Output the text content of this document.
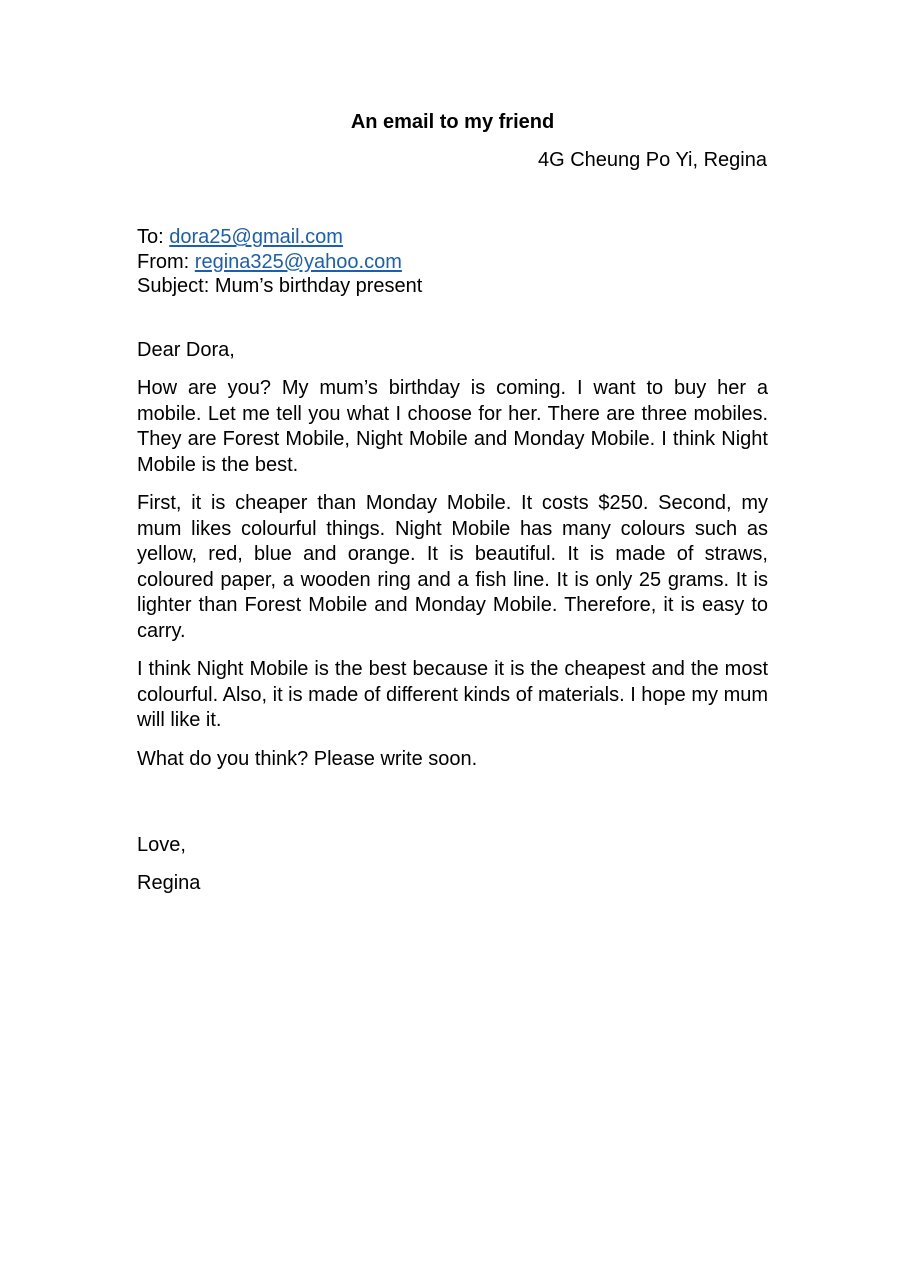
An email to my friend
4G Cheung Po Yi, Regina
To: dora25@gmail.com
From: regina325@yahoo.com
Subject: Mum’s birthday present
Dear Dora,

How are you? My mum’s birthday is coming. I want to buy her a mobile. Let me tell you what I choose for her. There are three mobiles. They are Forest Mobile, Night Mobile and Monday Mobile. I think Night Mobile is the best.

First, it is cheaper than Monday Mobile. It costs $250. Second, my mum likes colourful things. Night Mobile has many colours such as yellow, red, blue and orange. It is beautiful. It is made of straws, coloured paper, a wooden ring and a fish line. It is only 25 grams. It is lighter than Forest Mobile and Monday Mobile. Therefore, it is easy to carry.

I think Night Mobile is the best because it is the cheapest and the most colourful. Also, it is made of different kinds of materials. I hope my mum will like it.

What do you think? Please write soon.

Love,
Regina
